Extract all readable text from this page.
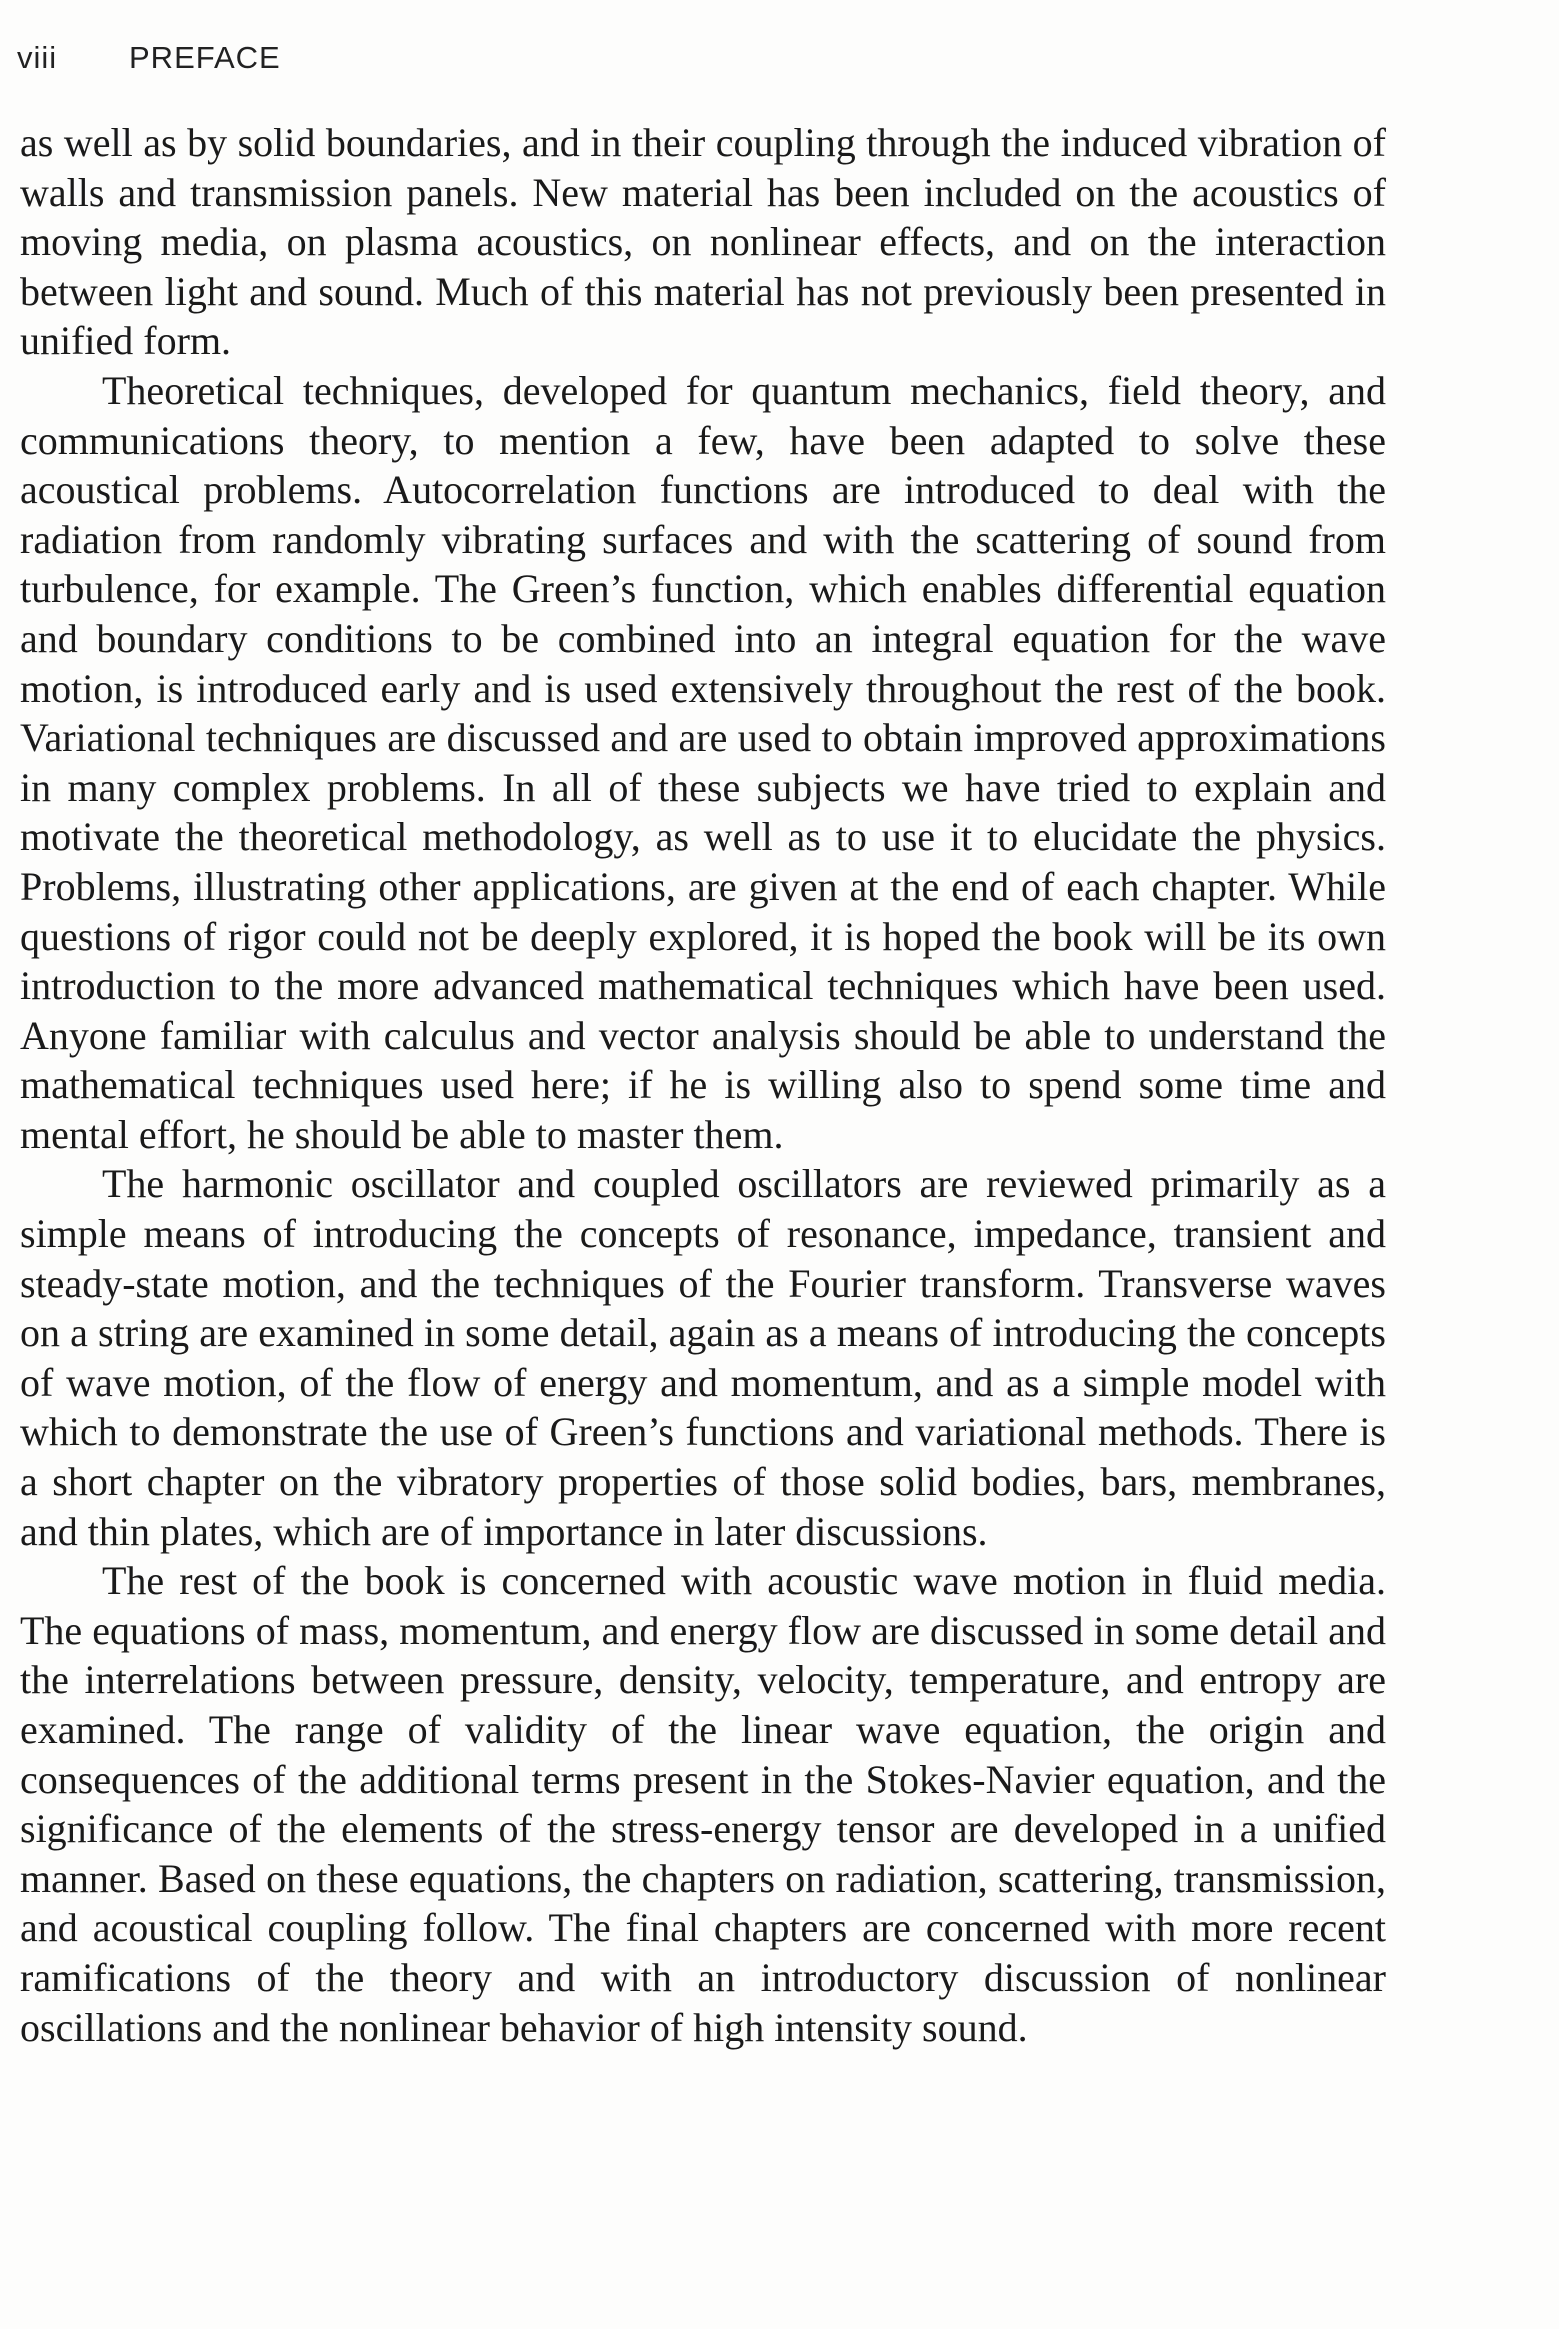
viii PREFACE

as well as by solid boundaries, and in their coupling through the induced vibration of walls and transmission panels. New material has been included on the acoustics of moving media, on plasma acoustics, on nonlinear effects, and on the interaction between light and sound. Much of this material has not previously been presented in unified form.

Theoretical techniques, developed for quantum mechanics, field theory, and communications theory, to mention a few, have been adapted to solve these acoustical problems. Autocorrelation functions are introduced to deal with the radiation from randomly vibrating surfaces and with the scattering of sound from turbulence, for example. The Green’s function, which enables differential equation and boundary conditions to be combined into an integral equation for the wave motion, is introduced early and is used extensively throughout the rest of the book. Variational techniques are discussed and are used to obtain improved approximations in many complex problems. In all of these subjects we have tried to explain and motivate the theoretical methodology, as well as to use it to elucidate the physics. Problems, illustrating other applications, are given at the end of each chapter. While questions of rigor could not be deeply explored, it is hoped the book will be its own introduction to the more advanced mathematical techniques which have been used. Anyone familiar with calculus and vector analysis should be able to understand the mathematical techniques used here; if he is willing also to spend some time and mental effort, he should be able to master them.

The harmonic oscillator and coupled oscillators are reviewed primarily as a simple means of introducing the concepts of resonance, impedance, transient and steady-state motion, and the techniques of the Fourier transform. Transverse waves on a string are examined in some detail, again as a means of introducing the concepts of wave motion, of the flow of energy and momentum, and as a simple model with which to demonstrate the use of Green’s functions and variational methods. There is a short chapter on the vibratory properties of those solid bodies, bars, membranes, and thin plates, which are of importance in later discussions.

The rest of the book is concerned with acoustic wave motion in fluid media. The equations of mass, momentum, and energy flow are discussed in some detail and the interrelations between pressure, density, velocity, temperature, and entropy are examined. The range of validity of the linear wave equation, the origin and consequences of the additional terms present in the Stokes-Navier equation, and the significance of the elements of the stress-energy tensor are developed in a unified manner. Based on these equations, the chapters on radiation, scattering, transmission, and acoustical coupling follow. The final chapters are concerned with more recent ramifications of the theory and with an introductory discussion of nonlinear oscillations and the nonlinear behavior of high intensity sound.
